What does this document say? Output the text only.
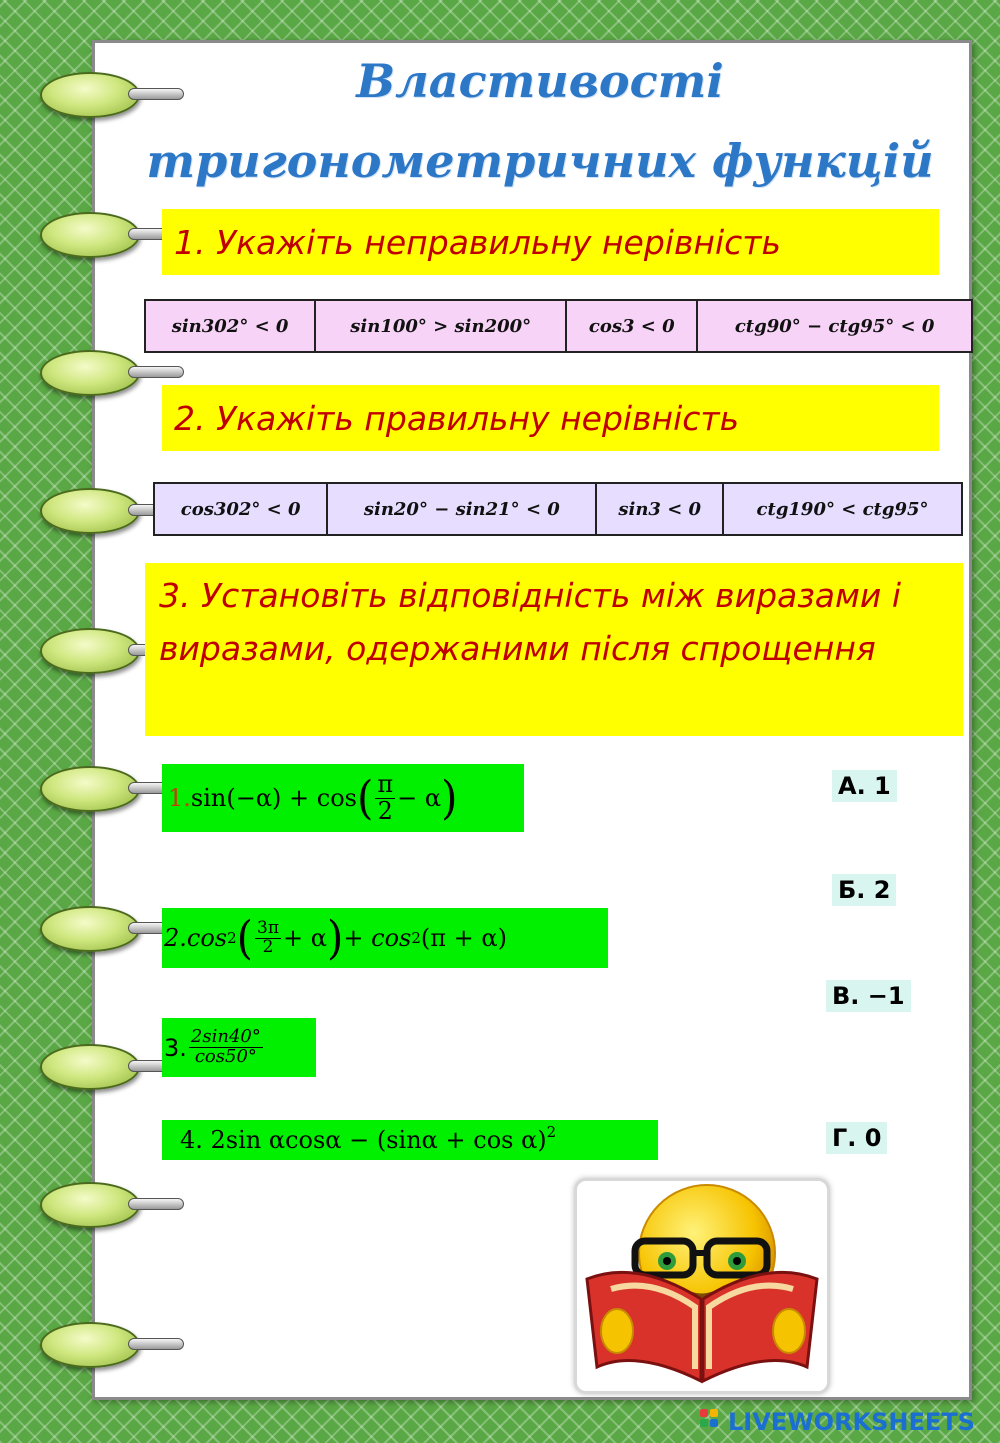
Властивості
тригонометричних функцій
1. Укажіть неправильну нерівність
sin302° < 0	sin100° > sin200°	cos3 < 0	ctg90° − ctg95° < 0
2. Укажіть правильну нерівність
cos302° < 0	sin20° − sin21° < 0	sin3 < 0	ctg190° < ctg95°
3. Установіть відповідність між виразами і виразами, одержаними після спрощення
1. sin(−α) + cos ( $\frac{\pi}{2} - \alpha$ )
2.cos 2 ( $\frac{3\pi}{2} + \alpha$ ) + cos 2 (π + α)
3. $\frac{2\sin 40^\circ}{\cos 50^\circ}$
4. 2sin $\alpha\cos\alpha - (\sin\alpha + \cos \alpha)^2$
А. 1
Б. 2
В. −1
Г. 0
LIVEWORKSHEETS
